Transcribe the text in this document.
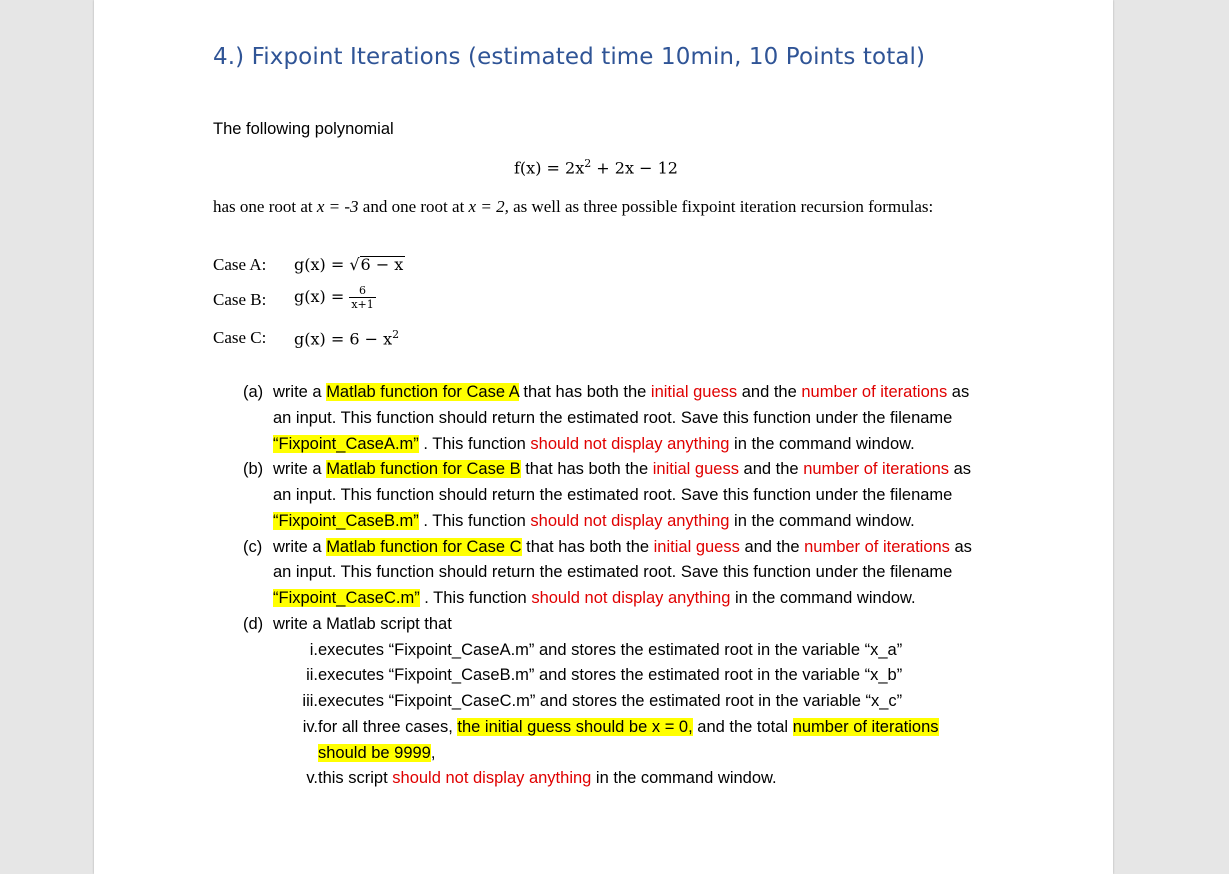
4.) Fixpoint Iterations (estimated time 10min, 10 Points total)
The following polynomial
$f(x) = 2x^2 + 2x - 12$
has one root at x = -3 and one root at x = 2, as well as three possible fixpoint iteration recursion formulas:
Case A: g(x) = √6 − x
Case B: $g(x) = \frac{6}{x+1}$
Case C: $g(x) = 6 - x^2$
(a) write a Matlab function for Case A that has both the initial guess and the number of iterations as
an input. This function should return the estimated root. Save this function under the filename
“Fixpoint_CaseA.m” . This function should not display anything in the command window.
(b) write a Matlab function for Case B that has both the initial guess and the number of iterations as
an input. This function should return the estimated root. Save this function under the filename
“Fixpoint_CaseB.m” . This function should not display anything in the command window.
(c) write a Matlab function for Case C that has both the initial guess and the number of iterations as
an input. This function should return the estimated root. Save this function under the filename
“Fixpoint_CaseC.m” . This function should not display anything in the command window.
(d) write a Matlab script that
i. executes “Fixpoint_CaseA.m” and stores the estimated root in the variable “x_a”
ii. executes “Fixpoint_CaseB.m” and stores the estimated root in the variable “x_b”
iii. executes “Fixpoint_CaseC.m” and stores the estimated root in the variable “x_c”
iv. for all three cases, the initial guess should be x = 0, and the total number of iterations
should be 9999,
v. this script should not display anything in the command window.
